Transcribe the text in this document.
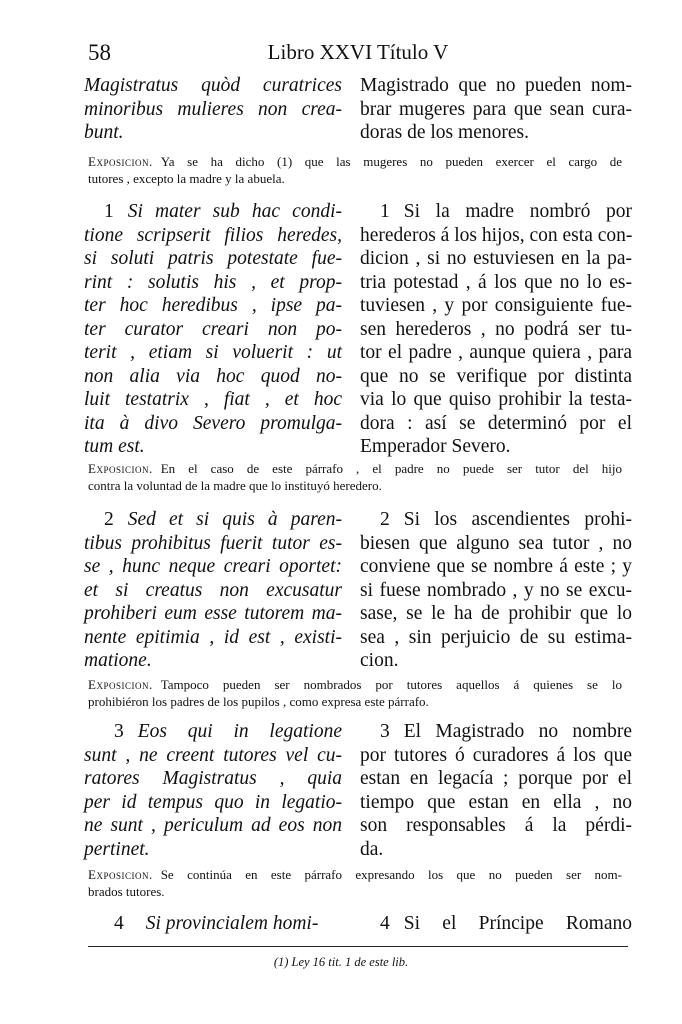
58	Libro XXVI Título V
Magistratus quòd curatrices
minoribus mulieres non crea-
bunt.
Magistrado que no pueden nom-
brar mugeres para que sean cura-
doras de los menores.
Exposicion. Ya se ha dicho (1) que las mugeres no pueden exercer el cargo de
tutores , excepto la madre y la abuela.
1 Si mater sub hac condi-
tione scripserit filios heredes,
si soluti patris potestate fue-
rint : solutis his , et prop-
ter hoc heredibus , ipse pa-
ter curator creari non po-
terit , etiam si voluerit : ut
non alia via hoc quod no-
luit testatrix , fiat , et hoc
ita à divo Severo promulga-
tum est.
1 Si la madre nombró por
herederos á los hijos, con esta con-
dicion , si no estuviesen en la pa-
tria potestad , á los que no lo es-
tuviesen , y por consiguiente fue-
sen herederos , no podrá ser tu-
tor el padre , aunque quiera , para
que no se verifique por distinta
via lo que quiso prohibir la testa-
dora : así se determinó por el
Emperador Severo.
Exposicion. En el caso de este párrafo , el padre no puede ser tutor del hijo
contra la voluntad de la madre que lo instituyó heredero.
2 Sed et si quis à paren-
tibus prohibitus fuerit tutor es-
se , hunc neque creari oportet:
et si creatus non excusatur
prohiberi eum esse tutorem ma-
nente epitimia , id est , existi-
matione.
2 Si los ascendientes prohi-
biesen que alguno sea tutor , no
conviene que se nombre á este ; y
si fuese nombrado , y no se excu-
sase, se le ha de prohibir que lo
sea , sin perjuicio de su estima-
cion.
Exposicion. Tampoco pueden ser nombrados por tutores aquellos á quienes se lo
prohibiéron los padres de los pupilos , como expresa este párrafo.
3 Eos qui in legatione
sunt , ne creent tutores vel cu-
ratores Magistratus , quia
per id tempus quo in legatio-
ne sunt , periculum ad eos non
pertinet.
3 El Magistrado no nombre
por tutores ó curadores á los que
estan en legacía ; porque por el
tiempo que estan en ella , no
son responsables á la pérdi-
da.
Exposicion. Se continúa en este párrafo expresando los que no pueden ser nom-
brados tutores.
4 Si provincialem homi-	4 Si el Príncipe Romano
(1) Ley 16 tit. 1 de este lib.
